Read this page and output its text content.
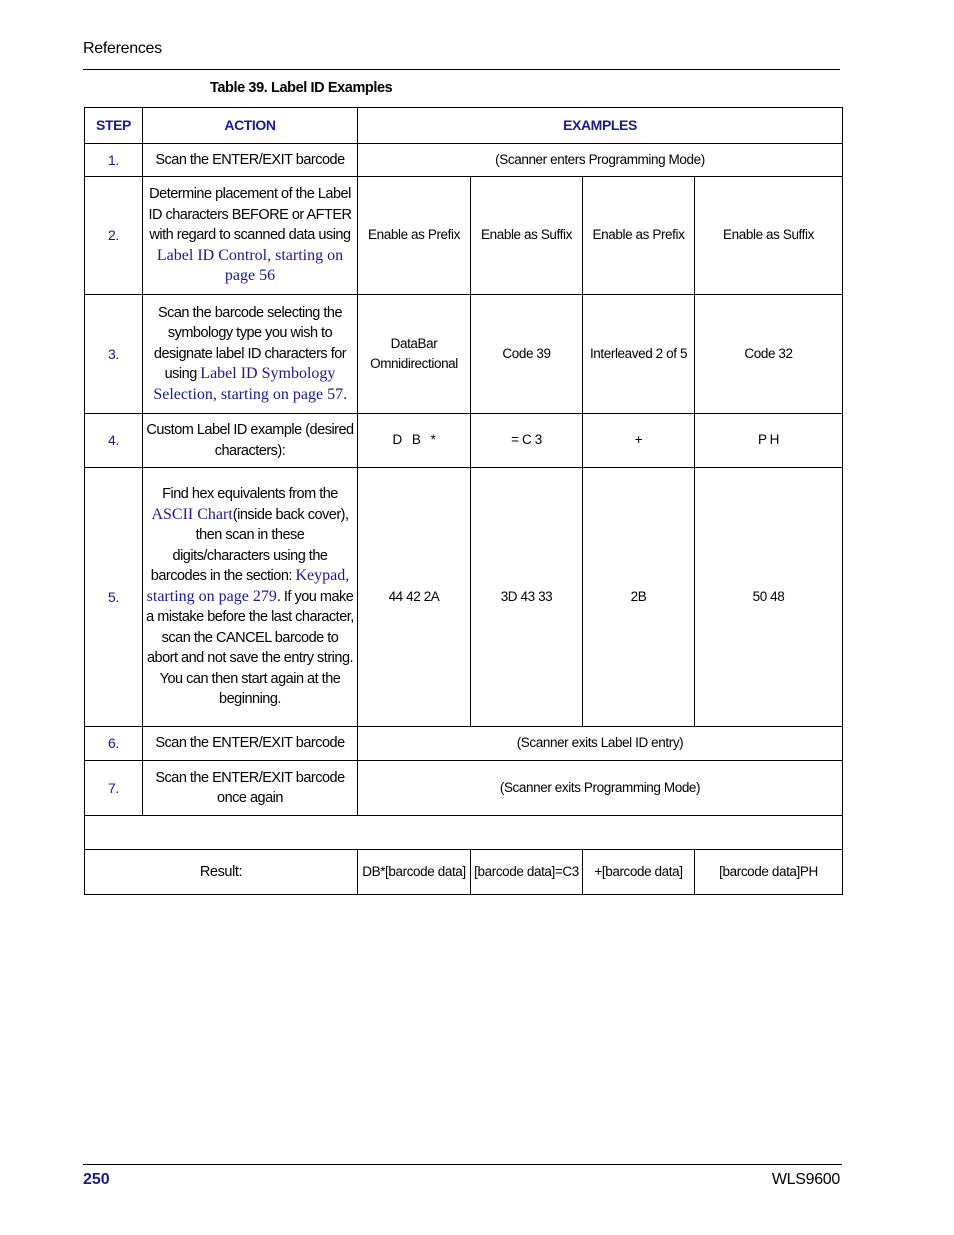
References
Table 39. Label ID Examples
STEP	ACTION	EXAMPLES			
1.	Scan the ENTER/EXIT barcode	(Scanner enters Programming Mode)			
2.	Determine placement of the Label ID characters BEFORE or AFTER with regard to scanned data using Label ID Control, starting on page 56	Enable as Prefix	Enable as Suffix	Enable as Prefix	Enable as Suffix
3.	Scan the barcode selecting the symbology type you wish to designate label ID characters for using Label ID Symbology Selection, starting on page 57.	DataBar Omnidirectional	Code 39	Interleaved 2 of 5	Code 32
4.	Custom Label ID example (desired characters):	D   B   *	= C 3	+	P H
5.	Find hex equivalents from the ASCII Chart(inside back cover), then scan in these digits/characters using the barcodes in the section: Keypad, starting on page 279. If you make a mistake before the last character, scan the CANCEL barcode to abort and not save the entry string. You can then start again at the beginning.	44 42 2A	3D 43 33	2B	50 48
6.	Scan the ENTER/EXIT barcode	(Scanner exits Label ID entry)			
7.	Scan the ENTER/EXIT barcode once again	(Scanner exits Programming Mode)			

Result:		DB*[barcode data]	[barcode data]=C3	+[barcode data]	[barcode data]PH
250	WLS9600
